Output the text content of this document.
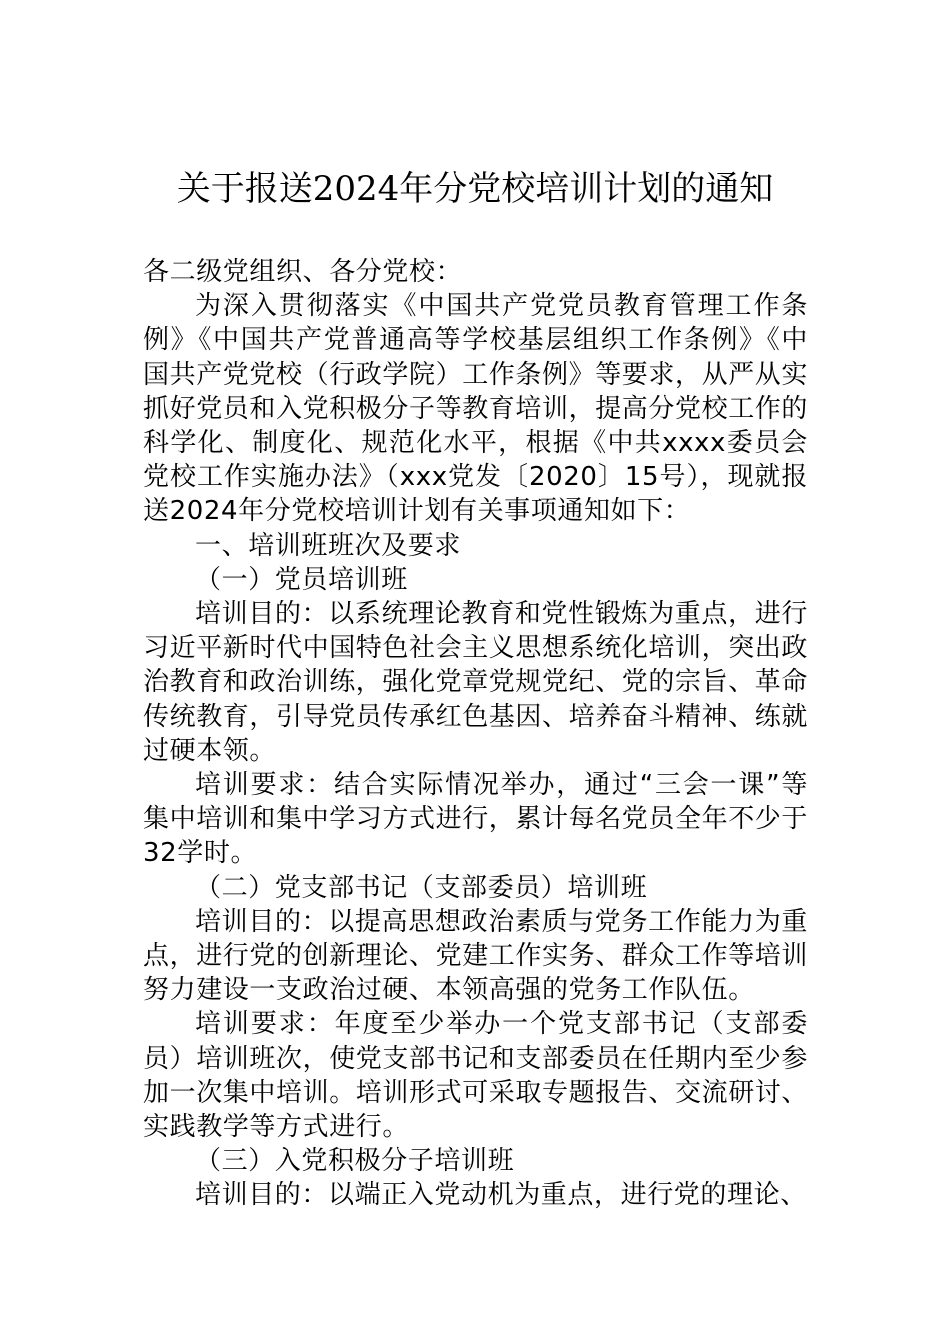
关于报送2024年分党校培训计划的通知

各二级党组织、各分党校：

为深入贯彻落实《中国共产党党员教育管理工作条例》《中国共产党普通高等学校基层组织工作条例》《中国共产党党校（行政学院）工作条例》等要求，从严从实抓好党员和入党积极分子等教育培训，提高分党校工作的科学化、制度化、规范化水平，根据《中共xxxx委员会党校工作实施办法》（xxx党发〔2020〕15号），现就报送2024年分党校培训计划有关事项通知如下：

一、培训班班次及要求

（一）党员培训班

培训目的：以系统理论教育和党性锻炼为重点，进行习近平新时代中国特色社会主义思想系统化培训，突出政治教育和政治训练，强化党章党规党纪、党的宗旨、革命传统教育，引导党员传承红色基因、培养奋斗精神、练就过硬本领。

培训要求：结合实际情况举办，通过“三会一课”等集中培训和集中学习方式进行，累计每名党员全年不少于32学时。

（二）党支部书记（支部委员）培训班

培训目的：以提高思想政治素质与党务工作能力为重点，进行党的创新理论、党建工作实务、群众工作等培训努力建设一支政治过硬、本领高强的党务工作队伍。

培训要求：年度至少举办一个党支部书记（支部委员）培训班次，使党支部书记和支部委员在任期内至少参加一次集中培训。培训形式可采取专题报告、交流研讨、实践教学等方式进行。

（三）入党积极分子培训班

培训目的：以端正入党动机为重点，进行党的理论、
